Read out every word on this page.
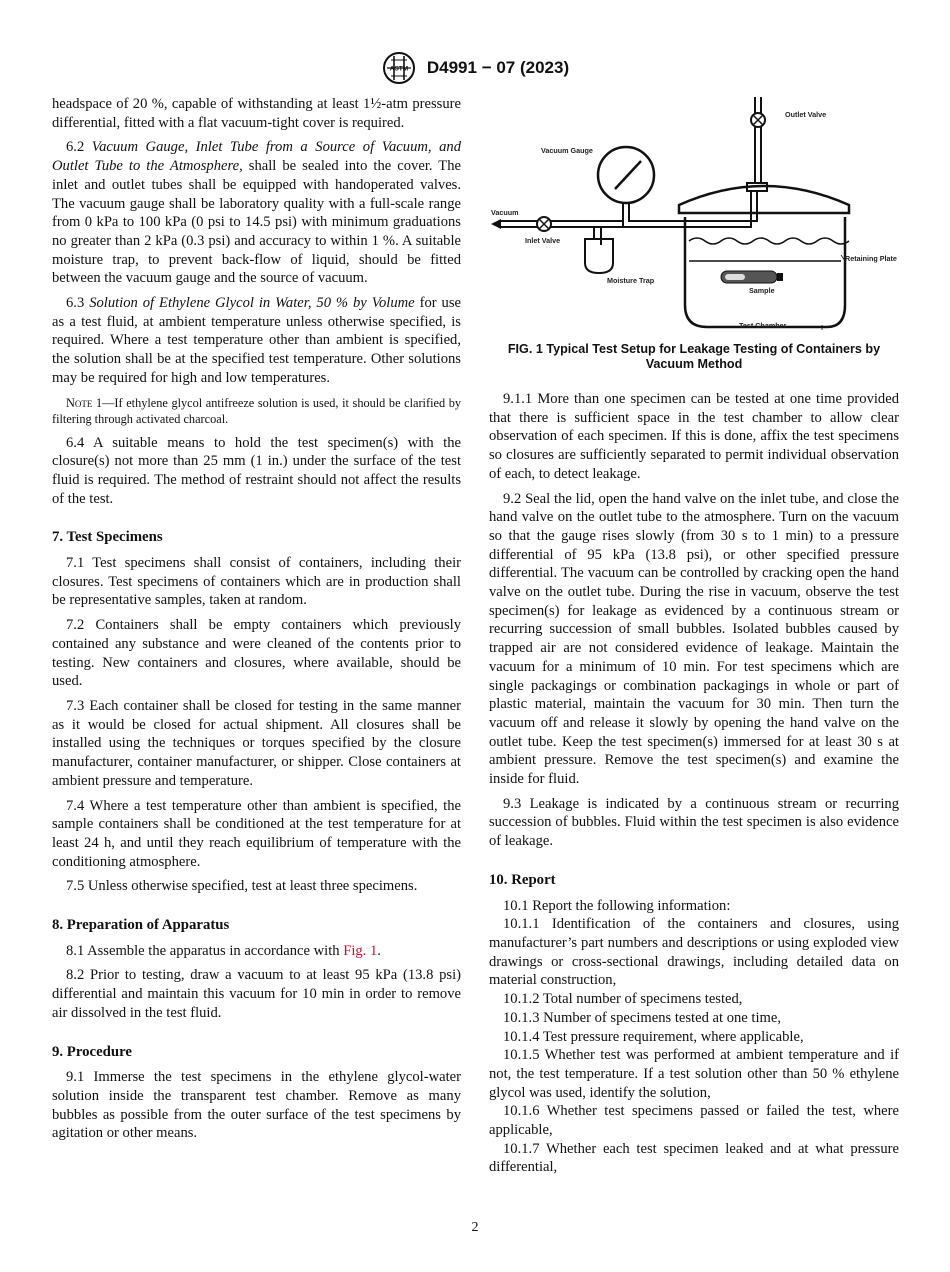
ASTM D4991 − 07 (2023)

headspace of 20 %, capable of withstanding at least 1½-atm pressure differential, fitted with a flat vacuum-tight cover is required.

6.2 Vacuum Gauge, Inlet Tube from a Source of Vacuum, and Outlet Tube to the Atmosphere, shall be sealed into the cover. The inlet and outlet tubes shall be equipped with handoperated valves. The vacuum gauge shall be laboratory quality with a full-scale range from 0 kPa to 100 kPa (0 psi to 14.5 psi) with minimum graduations no greater than 2 kPa (0.3 psi) and accuracy to within 1 %. A suitable moisture trap, to prevent back-flow of liquid, should be fitted between the vacuum gauge and the source of vacuum.

6.3 Solution of Ethylene Glycol in Water, 50 % by Volume for use as a test fluid, at ambient temperature unless otherwise specified, is required. Where a test temperature other than ambient is specified, the solution shall be at the specified test temperature. Other solutions may be required for high and low temperatures.

Note 1—If ethylene glycol antifreeze solution is used, it should be clarified by filtering through activated charcoal.

6.4 A suitable means to hold the test specimen(s) with the closure(s) not more than 25 mm (1 in.) under the surface of the test fluid is required. The method of restraint should not affect the results of the test.

7. Test Specimens

7.1 Test specimens shall consist of containers, including their closures. Test specimens of containers which are in production shall be representative samples, taken at random.

7.2 Containers shall be empty containers which previously contained any substance and were cleaned of the contents prior to testing. New containers and closures, where available, should be used.

7.3 Each container shall be closed for testing in the same manner as it would be closed for actual shipment. All closures shall be installed using the techniques or torques specified by the closure manufacturer, container manufacturer, or shipper. Close containers at ambient pressure and temperature.

7.4 Where a test temperature other than ambient is specified, the sample containers shall be conditioned at the test temperature for at least 24 h, and until they reach equilibrium of temperature with the conditioning atmosphere.

7.5 Unless otherwise specified, test at least three specimens.

8. Preparation of Apparatus

8.1 Assemble the apparatus in accordance with Fig. 1.

8.2 Prior to testing, draw a vacuum to at least 95 kPa (13.8 psi) differential and maintain this vacuum for 10 min in order to remove air dissolved in the test fluid.

9. Procedure

9.1 Immerse the test specimens in the ethylene glycol-water solution inside the transparent test chamber. Remove as many bubbles as possible from the outer surface of the test specimens by agitation or other means.

Outlet Valve
Vacuum Gauge
Vacuum
Inlet Valve
Moisture Trap
Retaining Plate
Sample
Test Chamber
FIG. 1 Typical Test Setup for Leakage Testing of Containers by Vacuum Method

9.1.1 More than one specimen can be tested at one time provided that there is sufficient space in the test chamber to allow clear observation of each specimen. If this is done, affix the test specimens so closures are sufficiently separated to permit individual observation of each, to detect leakage.

9.2 Seal the lid, open the hand valve on the inlet tube, and close the hand valve on the outlet tube to the atmosphere. Turn on the vacuum so that the gauge rises slowly (from 30 s to 1 min) to a pressure differential of 95 kPa (13.8 psi), or other specified pressure differential. The vacuum can be controlled by cracking open the hand valve on the outlet tube. During the rise in vacuum, observe the test specimen(s) for leakage as evidenced by a continuous stream or recurring succession of small bubbles. Isolated bubbles caused by trapped air are not considered evidence of leakage. Maintain the vacuum for a minimum of 10 min. For test specimens which are single packagings or combination packagings in whole or part of plastic material, maintain the vacuum for 30 min. Then turn the vacuum off and release it slowly by opening the hand valve on the outlet tube. Keep the test specimen(s) immersed for at least 30 s at ambient pressure. Remove the test specimen(s) and examine the inside for fluid.

9.3 Leakage is indicated by a continuous stream or recurring succession of bubbles. Fluid within the test specimen is also evidence of leakage.

10. Report

10.1 Report the following information:

10.1.1 Identification of the containers and closures, using manufacturer’s part numbers and descriptions or using exploded view drawings or cross-sectional drawings, including detailed data on material construction,

10.1.2 Total number of specimens tested,

10.1.3 Number of specimens tested at one time,

10.1.4 Test pressure requirement, where applicable,

10.1.5 Whether test was performed at ambient temperature and if not, the test temperature. If a test solution other than 50 % ethylene glycol was used, identify the solution,

10.1.6 Whether test specimens passed or failed the test, where applicable,

10.1.7 Whether each test specimen leaked and at what pressure differential,

2
